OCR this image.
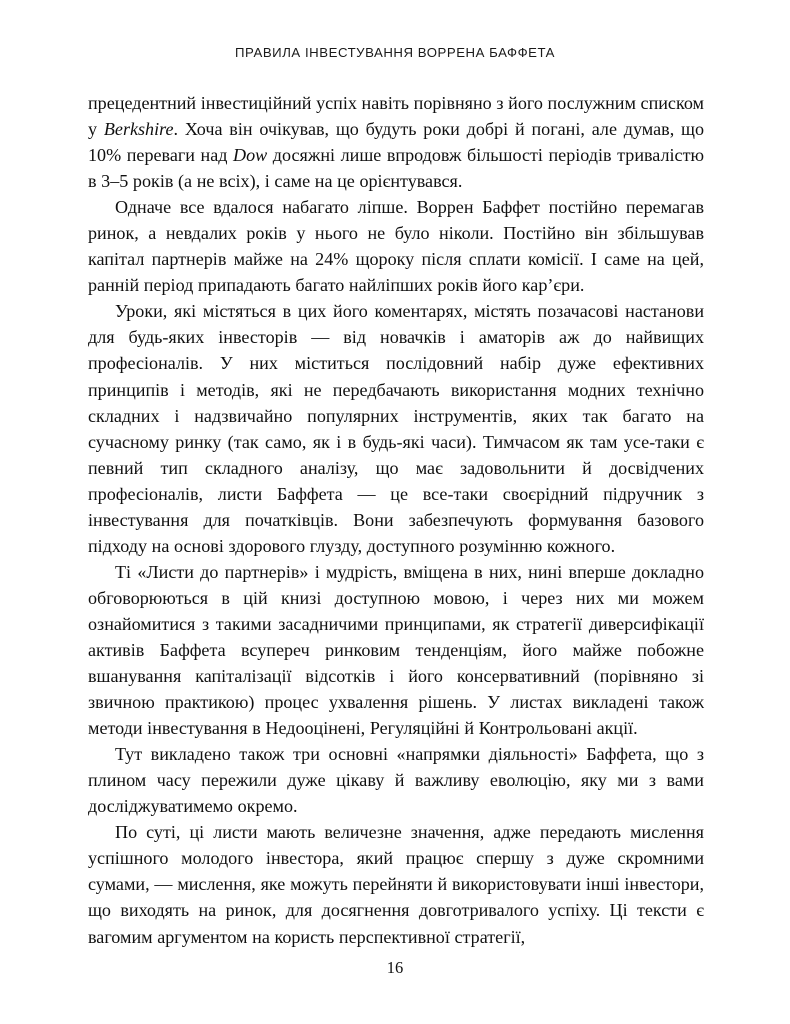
ПРАВИЛА ІНВЕСТУВАННЯ ВОРРЕНА БАФФЕТА

прецедентний інвестиційний успіх навіть порівняно з його послужним списком у Berkshire. Хоча він очікував, що будуть роки добрі й погані, але думав, що 10% переваги над Dow досяжні лише впродовж більшості періодів тривалістю в 3–5 років (а не всіх), і саме на це орієнтувався.

Одначе все вдалося набагато ліпше. Воррен Баффет постійно перемагав ринок, а невдалих років у нього не було ніколи. Постійно він збільшував капітал партнерів майже на 24% щороку після сплати комісії. І саме на цей, ранній період припадають багато найліпших років його кар’єри.

Уроки, які містяться в цих його коментарях, містять позачасові настанови для будь-яких інвесторів — від новачків і аматорів аж до найвищих професіоналів. У них міститься послідовний набір дуже ефективних принципів і методів, які не передбачають використання модних технічно складних і надзвичайно популярних інструментів, яких так багато на сучасному ринку (так само, як і в будь-які часи). Тимчасом як там усе-таки є певний тип складного аналізу, що має задовольнити й досвідчених професіоналів, листи Баффета — це все-таки своєрідний підручник з інвестування для початківців. Вони забезпечують формування базового підходу на основі здорового глузду, доступного розумінню кожного.

Ті «Листи до партнерів» і мудрість, вміщена в них, нині вперше докладно обговорюються в цій книзі доступною мовою, і через них ми можем ознайомитися з такими засадничими принципами, як стратегії диверсифікації активів Баффета всупереч ринковим тенденціям, його майже побожне вшанування капіталізації відсотків і його консервативний (порівняно зі звичною практикою) процес ухвалення рішень. У листах викладені також методи інвестування в Недооцінені, Регуляційні й Контрольовані акції.

Тут викладено також три основні «напрямки діяльності» Баффета, що з плином часу пережили дуже цікаву й важливу еволюцію, яку ми з вами досліджуватимемо окремо.

По суті, ці листи мають величезне значення, адже передають мислення успішного молодого інвестора, який працює спершу з дуже скромними сумами, — мислення, яке можуть перейняти й використовувати інші інвестори, що виходять на ринок, для досягнення довготривалого успіху. Ці тексти є вагомим аргументом на користь перспективної стратегії,

16
